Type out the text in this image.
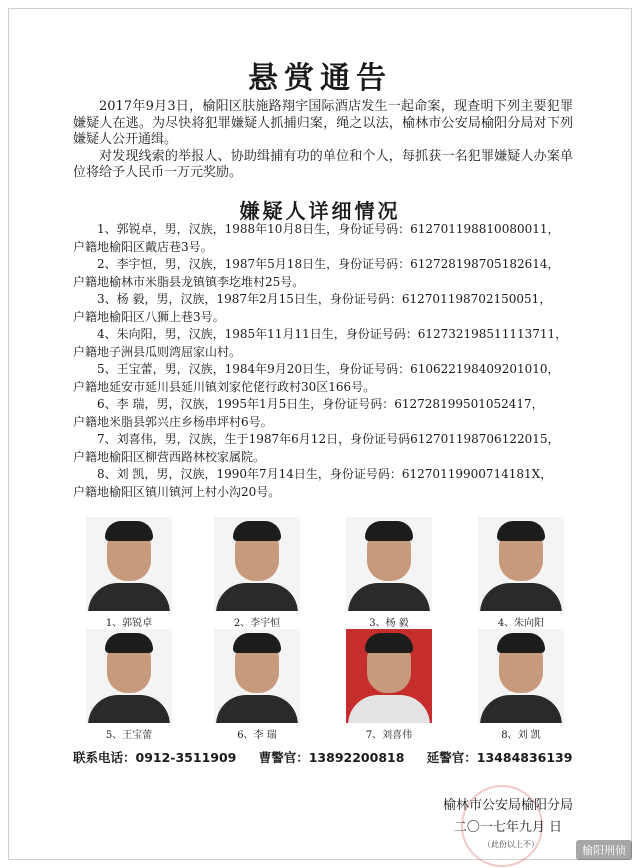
悬赏通告

2017年9月3日，榆阳区肤施路翔宇国际酒店发生一起命案，现查明下列主要犯罪嫌疑人在逃。为尽快将犯罪嫌疑人抓捕归案，绳之以法，榆林市公安局榆阳分局对下列嫌疑人公开通缉。

对发现线索的举报人、协助缉捕有功的单位和个人，每抓获一名犯罪嫌疑人办案单位将给予人民币一万元奖励。

嫌疑人详细情况
1、郭锐卓，男，汉族，1988年10月8日生，身份证号码：612701198810080011，
户籍地榆阳区戴店巷3号。
2、李宇恒，男，汉族，1987年5月18日生，身份证号码：612728198705182614，
户籍地榆林市米脂县龙镇镇李圪堆村25号。
3、杨 毅，男，汉族，1987年2月15日生，身份证号码：612701198702150051，
户籍地榆阳区八狮上巷3号。
4、朱向阳，男，汉族，1985年11月11日生，身份证号码：612732198511113711，
户籍地子洲县瓜则湾屈家山村。
5、王宝蕾，男，汉族，1984年9月20日生，身份证号码：610622198409201010，
户籍地延安市延川县延川镇刘家佗佬行政村30区166号。
6、李 瑞，男，汉族，1995年1月5日生，身份证号码：612728199501052417，
户籍地米脂县郭兴庄乡杨串坪村6号。
7、刘喜伟，男，汉族，生于1987年6月12日，身份证号码612701198706122015，
户籍地榆阳区柳营西路林校家属院。
8、刘 凯，男，汉族，1990年7月14日生，身份证号码：61270119900714181X，
户籍地榆阳区镇川镇河上村小沟20号。
1、郭锐卓	2、李宇恒	3、杨 毅	4、朱向阳
5、王宝蕾	6、李 瑞	7、刘喜伟	8、刘 凯
联系电话：0912-3511909 曹警官：13892200818 延警官：13484836139
榆林市公安局榆阳分局
二〇一七年九月 日
（此份以上不）	榆阳刑侦
